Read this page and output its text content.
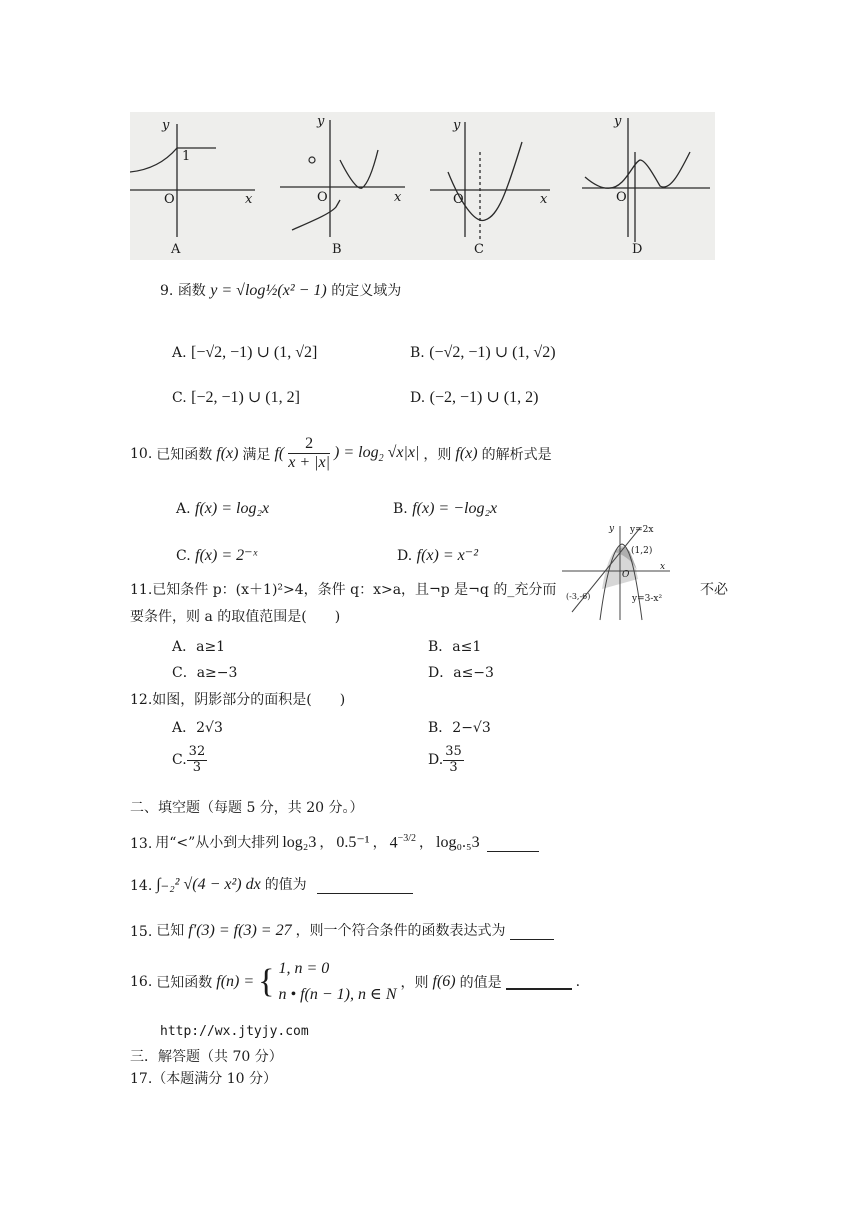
y
1
O	x
A
y
O	x
B
y
O	x
C
y
O
D
9. 函数 y = √log½(x² − 1) 的定义域为
A. [−√2, −1) ∪ (1, √2]	B. (−√2, −1) ∪ (1, √2)
C. [−2, −1) ∪ (1, 2]	D. (−2, −1) ∪ (1, 2)
10. 已知函数 f(x) 满足 $f( \frac{2}{x + |x|}$ ) = $\log_2 √x|x|$ ，则 f(x) 的解析式是
A. f(x) = log₂x	B. f(x) = −log₂x
C. f(x) = 2⁻ˣ	D. f(x) = x⁻²
y y=2x
(1,2)
x
O
(-3,-6)	y=3-x²
11.已知条件 p：(x＋1)²>4，条件 q：x>a，且¬p 是¬q 的_充分而	不必
要条件，则 a 的取值范围是(　　)
A．a≥1	B．a≤1
C．a≥−3	D．a≤−3
12.如图，阴影部分的面积是(　　)
A．2√3	B．2−√3
C. $\frac{32}{3}$	D. $\frac{35}{3}$
二、填空题（每题 5 分，共 20 分。）
13. 用“<”从小到大排列 log₂3 ， 0.5⁻¹ ， $4^{-3/2}$ ， log₀.₅3
14. ∫₋₂² √(4 − x²) dx 的值为
15. 已知 f′(3) = f(3) = 27 ，则一个符合条件的函数表达式为
16. 已知函数 f(n) = { 1, n = 0
n • f(n − 1), n ∈ N
，则 f(6) 的值是	.
http://wx.jtyjy.com
三．解答题（共 70 分）
17.（本题满分 10 分）
